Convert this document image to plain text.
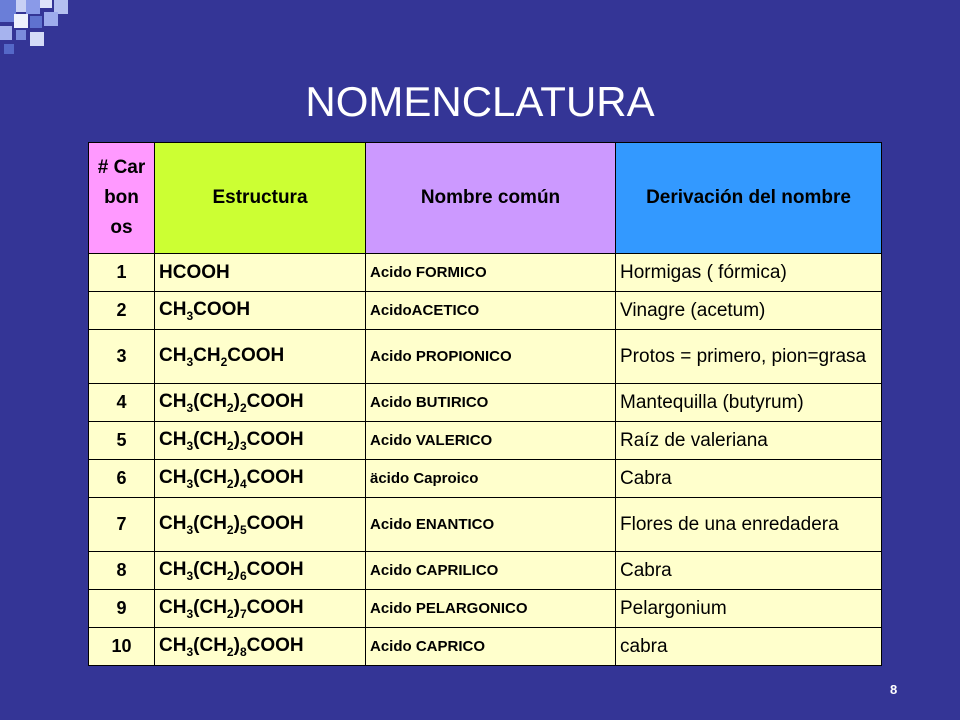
NOMENCLATURA
# Car bon os	Estructura	Nombre común	Derivación del nombre
1	HCOOH	Acido FORMICO	Hormigas ( fórmica)
2	$CH_3COOH$	AcidoACETICO	Vinagre (acetum)
3	$CH_3CH_2COOH$	Acido PROPIONICO	Protos = primero, pion=grasa
4	$CH_3(CH_2)_2COOH$	Acido BUTIRICO	Mantequilla (butyrum)
5	$CH_3(CH_2)_3COOH$	Acido VALERICO	Raíz de valeriana
6	$CH_3(CH_2)_4COOH$	äcido Caproico	Cabra
7	$CH_3(CH_2)_5COOH$	Acido ENANTICO	Flores de una enredadera
8	$CH_3(CH_2)_6COOH$	Acido CAPRILICO	Cabra
9	$CH_3(CH_2)_7COOH$	Acido PELARGONICO	Pelargonium
10	$CH_3(CH_2)_8COOH$	Acido CAPRICO	cabra
8
